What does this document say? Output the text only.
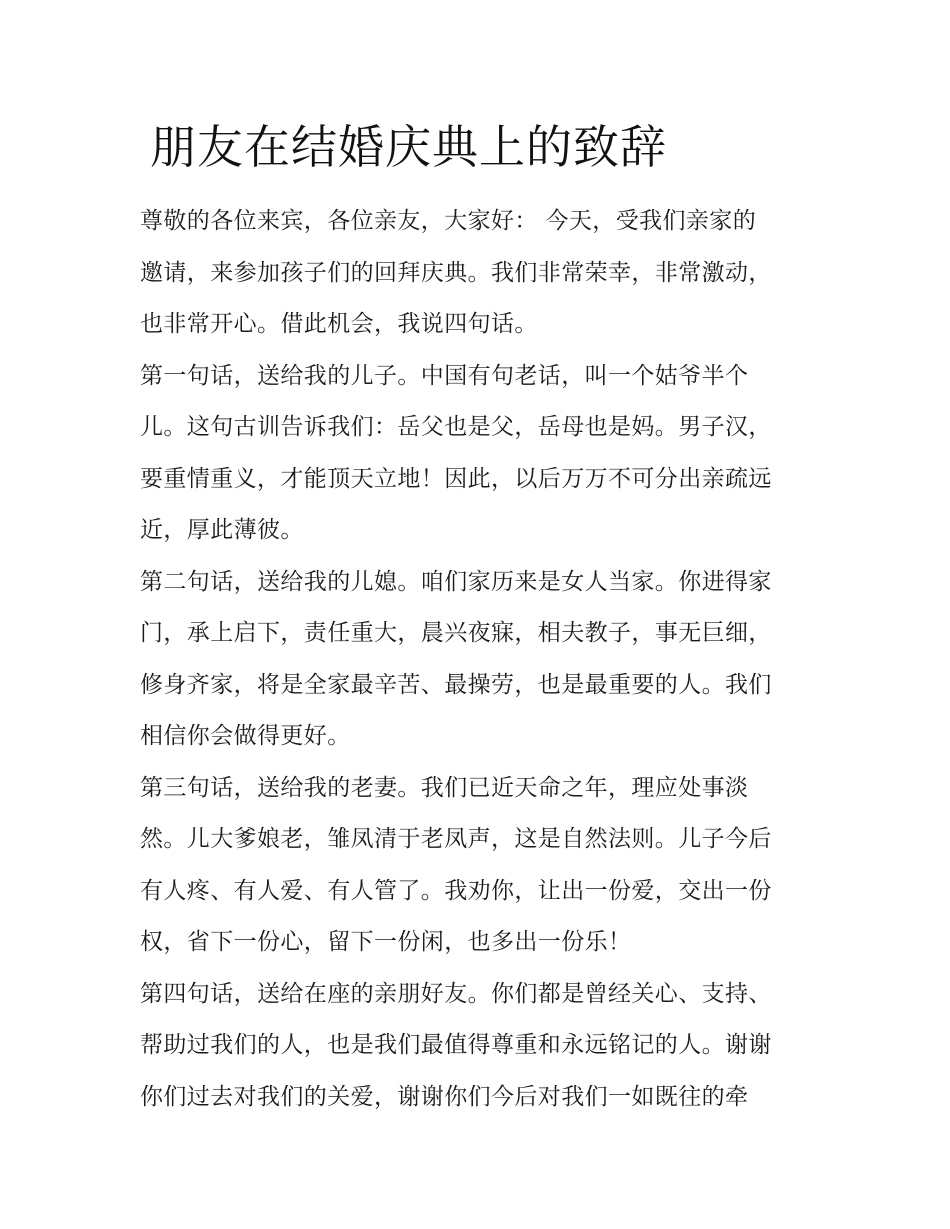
朋友在结婚庆典上的致辞
尊敬的各位来宾，各位亲友，大家好： 今天，受我们亲家的
邀请，来参加孩子们的回拜庆典。我们非常荣幸，非常激动，
也非常开心。借此机会，我说四句话。
第一句话，送给我的儿子。中国有句老话，叫一个姑爷半个
儿。这句古训告诉我们：岳父也是父，岳母也是妈。男子汉，
要重情重义，才能顶天立地！因此，以后万万不可分出亲疏远
近，厚此薄彼。
第二句话，送给我的儿媳。咱们家历来是女人当家。你进得家
门，承上启下，责任重大，晨兴夜寐，相夫教子，事无巨细，
修身齐家，将是全家最辛苦、最操劳，也是最重要的人。我们
相信你会做得更好。
第三句话，送给我的老妻。我们已近天命之年，理应处事淡
然。儿大爹娘老，雏凤清于老凤声，这是自然法则。儿子今后
有人疼、有人爱、有人管了。我劝你，让出一份爱，交出一份
权，省下一份心，留下一份闲，也多出一份乐！
第四句话，送给在座的亲朋好友。你们都是曾经关心、支持、
帮助过我们的人，也是我们最值得尊重和永远铭记的人。谢谢
你们过去对我们的关爱，谢谢你们今后对我们一如既往的牵
